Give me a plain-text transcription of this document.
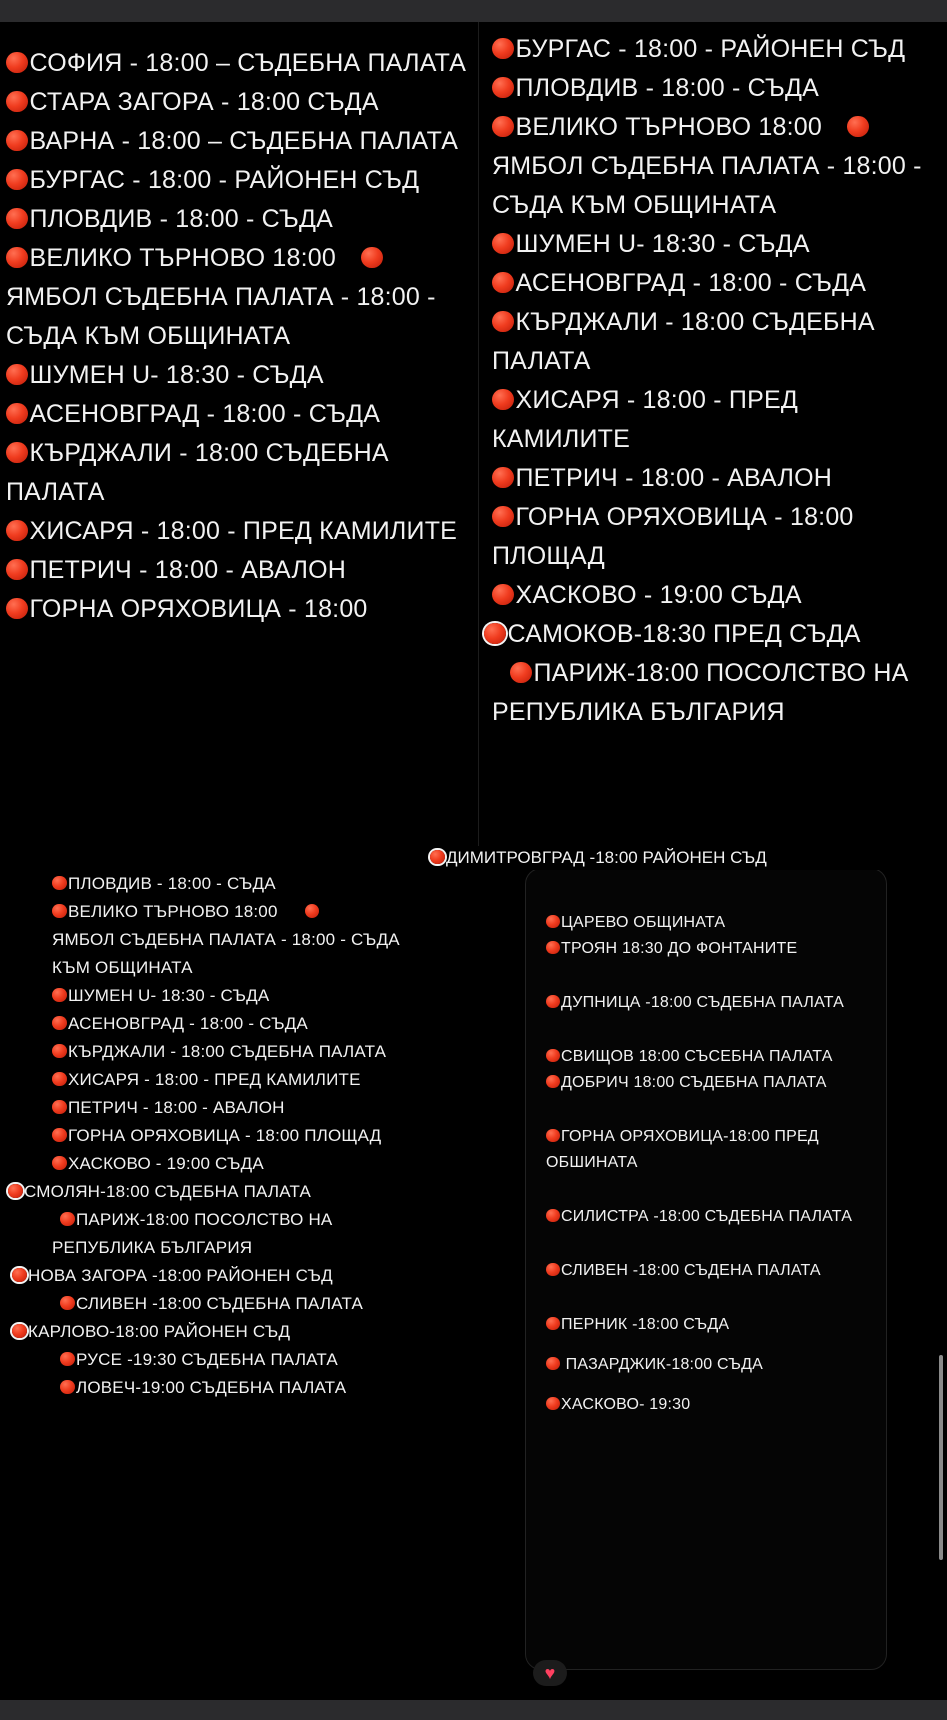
СОФИЯ - 18:00 – СЪДЕБНА ПАЛАТА

СТАРА ЗАГОРА - 18:00 СЪДА

ВАРНА - 18:00 – СЪДЕБНА ПАЛАТА

БУРГАС - 18:00 - РАЙОНЕН СЪД

ПЛОВДИВ - 18:00 - СЪДА

ВЕЛИКО ТЪРНОВО 18:00

ЯМБОЛ СЪДЕБНА ПАЛАТА - 18:00 - СЪДА КЪМ ОБЩИНАТА

ШУМЕН U- 18:30 - СЪДА

АСЕНОВГРАД - 18:00 - СЪДА

КЪРДЖАЛИ - 18:00 СЪДЕБНА ПАЛАТА

ХИСАРЯ - 18:00 - ПРЕД КАМИЛИТЕ

ПЕТРИЧ - 18:00 - АВАЛОН

ГОРНА ОРЯХОВИЦА - 18:00

БУРГАС - 18:00 - РАЙОНЕН СЪД

ПЛОВДИВ - 18:00 - СЪДА

ВЕЛИКО ТЪРНОВО 18:00

ЯМБОЛ СЪДЕБНА ПАЛАТА - 18:00 - СЪДА КЪМ ОБЩИНАТА

ШУМЕН U- 18:30 - СЪДА

АСЕНОВГРАД - 18:00 - СЪДА

КЪРДЖАЛИ - 18:00 СЪДЕБНА ПАЛАТА

ХИСАРЯ - 18:00 - ПРЕД КАМИЛИТЕ

ПЕТРИЧ - 18:00 - АВАЛОН

ГОРНА ОРЯХОВИЦА - 18:00 ПЛОЩАД

ХАСКОВО - 19:00 СЪДА

САМОКОВ-18:30 ПРЕД СЪДА

ПАРИЖ-18:00 ПОСОЛСТВО НА РЕПУБЛИКА БЪЛГАРИЯ

ПЛОВДИВ - 18:00 - СЪДА

ВЕЛИКО ТЪРНОВО 18:00

ЯМБОЛ СЪДЕБНА ПАЛАТА - 18:00 - СЪДА КЪМ ОБЩИНАТА

ШУМЕН U- 18:30 - СЪДА

АСЕНОВГРАД - 18:00 - СЪДА

КЪРДЖАЛИ - 18:00 СЪДЕБНА ПАЛАТА

ХИСАРЯ - 18:00 - ПРЕД КАМИЛИТЕ

ПЕТРИЧ - 18:00 - АВАЛОН

ГОРНА ОРЯХОВИЦА - 18:00 ПЛОЩАД

ХАСКОВО - 19:00 СЪДА

СМОЛЯН-18:00 СЪДЕБНА ПАЛАТА

ПАРИЖ-18:00 ПОСОЛСТВО НА РЕПУБЛИКА БЪЛГАРИЯ

НОВА ЗАГОРА -18:00 РАЙОНЕН СЪД

СЛИВЕН -18:00 СЪДЕБНА ПАЛАТА

КАРЛОВО-18:00 РАЙОНЕН СЪД

РУСЕ -19:30 СЪДЕБНА ПАЛАТА

ЛОВЕЧ-19:00 СЪДЕБНА ПАЛАТА

ЦАРЕВО ОБЩИНАТА

ТРОЯН 18:30 ДО ФОНТАНИТЕ

ДУПНИЦА -18:00 СЪДЕБНА ПАЛАТА

СВИЩОВ 18:00 СЪСЕБНА ПАЛАТА

ДОБРИЧ 18:00 СЪДЕБНА ПАЛАТА

ГОРНА ОРЯХОВИЦА-18:00 ПРЕД ОБШИНАТА

СИЛИСТРА -18:00 СЪДЕБНА ПАЛАТА

СЛИВЕН -18:00 СЪДЕНА ПАЛАТА

ПЕРНИК -18:00 СЪДА

ПАЗАРДЖИК-18:00 СЪДА

ХАСКОВО- 19:30

♥
ДИМИТРОВГРАД -18:00 РАЙОНЕН СЪД
